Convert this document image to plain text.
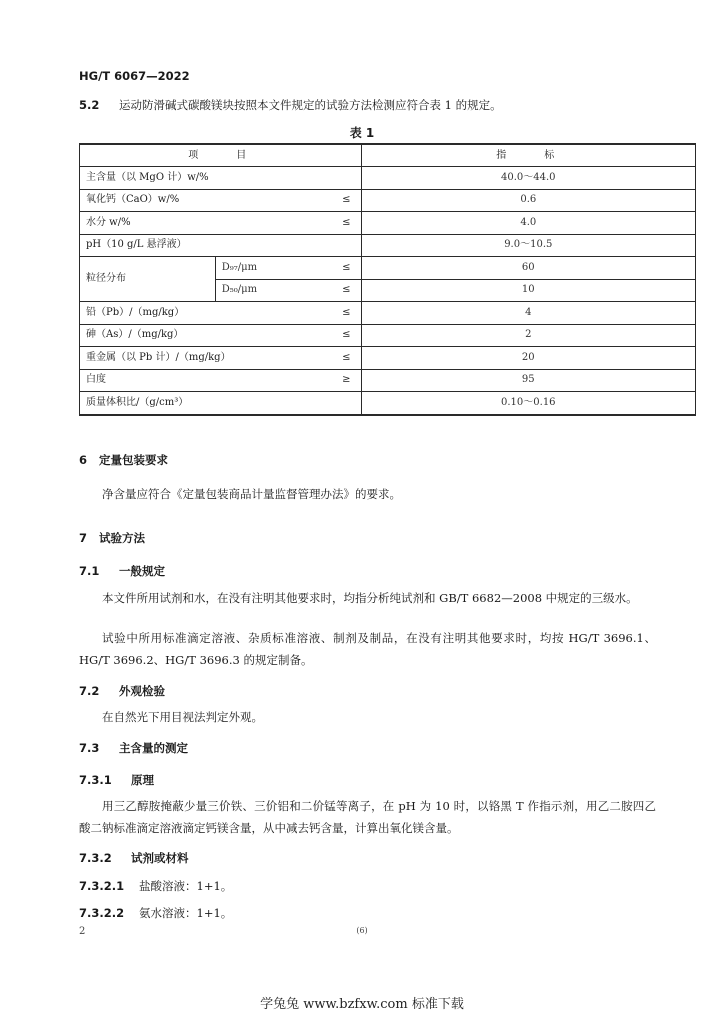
HG/T 6067—2022
5.2 运动防滑碱式碳酸镁块按照本文件规定的试验方法检测应符合表 1 的规定。
表 1
项　　目			指　　标
主含量（以 MgO 计）w/%			40.0～44.0
氧化钙（CaO）w/%		≤	0.6
水分 w/%		≤	4.0
pH（10 g/L 悬浮液）			9.0～10.5
粒径分布	D₉₇/μm	≤	60
	D₅₀/μm	≤	10
铅（Pb）/（mg/kg）		≤	4
砷（As）/（mg/kg）		≤	2
重金属（以 Pb 计）/（mg/kg）		≤	20
白度		≥	95
质量体积比/（g/cm³）			0.10～0.16
6 定量包装要求
净含量应符合《定量包装商品计量监督管理办法》的要求。
7 试验方法
7.1 一般规定
本文件所用试剂和水，在没有注明其他要求时，均指分析纯试剂和 GB/T 6682—2008 中规定的三级水。
试验中所用标准滴定溶液、杂质标准溶液、制剂及制品，在没有注明其他要求时，均按 HG/T 3696.1、HG/T 3696.2、HG/T 3696.3 的规定制备。
7.2 外观检验
在自然光下用目视法判定外观。
7.3 主含量的测定
7.3.1 原理
用三乙醇胺掩蔽少量三价铁、三价铝和二价锰等离子，在 pH 为 10 时，以铬黑 T 作指示剂，用乙二胺四乙酸二钠标准滴定溶液滴定钙镁含量，从中减去钙含量，计算出氧化镁含量。
7.3.2 试剂或材料
7.3.2.1 盐酸溶液：1+1。
7.3.2.2 氨水溶液：1+1。
2	(6)
学兔兔 www.bzfxw.com 标准下载
